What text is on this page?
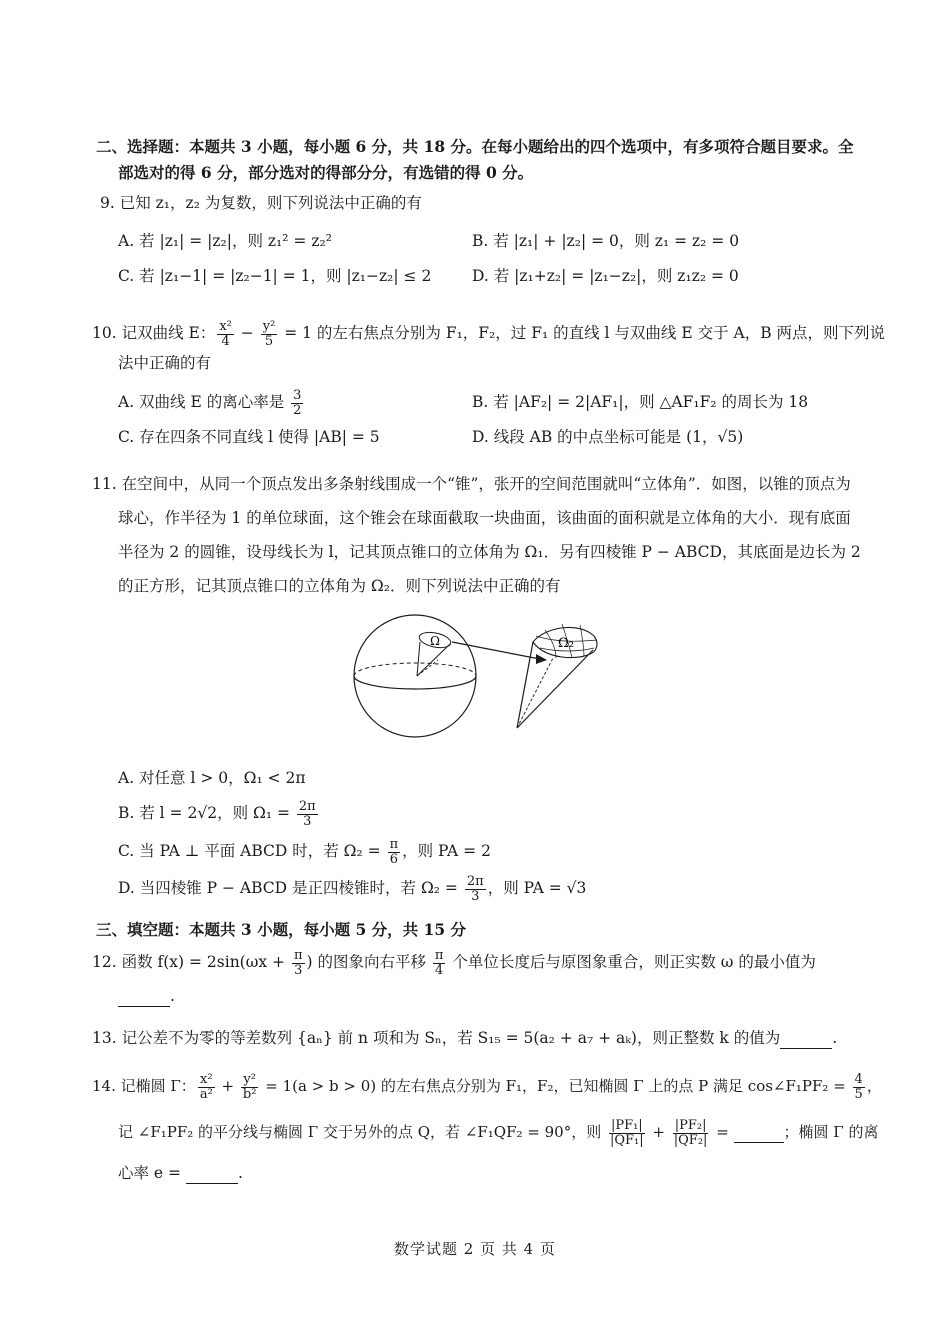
二、选择题：本题共 3 小题，每小题 6 分，共 18 分。在每小题给出的四个选项中，有多项符合题目要求。全
部选对的得 6 分，部分选对的得部分分，有选错的得 0 分。
9. 已知 z₁，z₂ 为复数，则下列说法中正确的有
A. 若 |z₁| = |z₂|，则 z₁² = z₂²	B. 若 |z₁| + |z₂| = 0，则 z₁ = z₂ = 0
C. 若 |z₁−1| = |z₂−1| = 1，则 |z₁−z₂| ≤ 2	D. 若 |z₁+z₂| = |z₁−z₂|，则 z₁z₂ = 0
10. 记双曲线 E： $\frac{\text{x²}}{4} - \frac{\text{y²}}{5} = 1$ 的左右焦点分别为 F₁，F₂，过 F₁ 的直线 l 与双曲线 E 交于 A，B 两点，则下列说
法中正确的有
A. 双曲线 E 的离心率是 $\frac{3}{2}$	B. 若 |AF₂| = 2|AF₁|，则 △AF₁F₂ 的周长为 18
C. 存在四条不同直线 l 使得 |AB| = 5	D. 线段 AB 的中点坐标可能是 (1，√5)
11. 在空间中，从同一个顶点发出多条射线围成一个“锥”，张开的空间范围就叫“立体角”．如图，以锥的顶点为
球心，作半径为 1 的单位球面，这个锥会在球面截取一块曲面，该曲面的面积就是立体角的大小．现有底面
半径为 2 的圆锥，设母线长为 l，记其顶点锥口的立体角为 Ω₁．另有四棱锥 P − ABCD，其底面是边长为 2
的正方形，记其顶点锥口的立体角为 Ω₂．则下列说法中正确的有
Ω	Ω₂
A. 对任意 l > 0，Ω₁ < 2π
B. 若 l = 2√2，则 $\Omega_1 = \frac{2\pi}{3}$
C. 当 PA ⊥ 平面 ABCD 时，若 $\Omega_2 = \frac{\pi}{6}$ ，则 PA = 2
D. 当四棱锥 P − ABCD 是正四棱锥时，若 $\Omega_2 = \frac{2\pi}{3}$ ，则 PA = √3
三、填空题：本题共 3 小题，每小题 5 分，共 15 分
12. 函数 $f(x) = 2\sin(\omega x + \frac{\pi}{3}$ ) 的图象向右平移 $\frac{\pi}{4}$ 个单位长度后与原图象重合，则正实数 ω 的最小值为
.
13. 记公差不为零的等差数列 {aₙ} 前 n 项和为 Sₙ，若 S₁₅ = 5(a₂ + a₇ + aₖ)，则正整数 k 的值为	.
14. 记椭圆 Γ： $\frac{\text{x²}}{\text{a²}} + \frac{\text{y²}}{\text{b²}} = 1(a > b > 0)$ 的左右焦点分别为 F₁，F₂，已知椭圆 Γ 上的点 P 满足 cos∠F₁PF₂ = $\frac{4}{5}$ ，
记 ∠F₁PF₂ 的平分线与椭圆 Γ 交于另外的点 Q，若 ∠F₁QF₂ = 90°，则 $\frac{\text{|PF₁|}}{\text{|QF₁|}} + \frac{\text{|PF₂|}}{\text{|QF₂|}}$ =	；椭圆 Γ 的离
心率 e =	.
数学试题 2 页 共 4 页
